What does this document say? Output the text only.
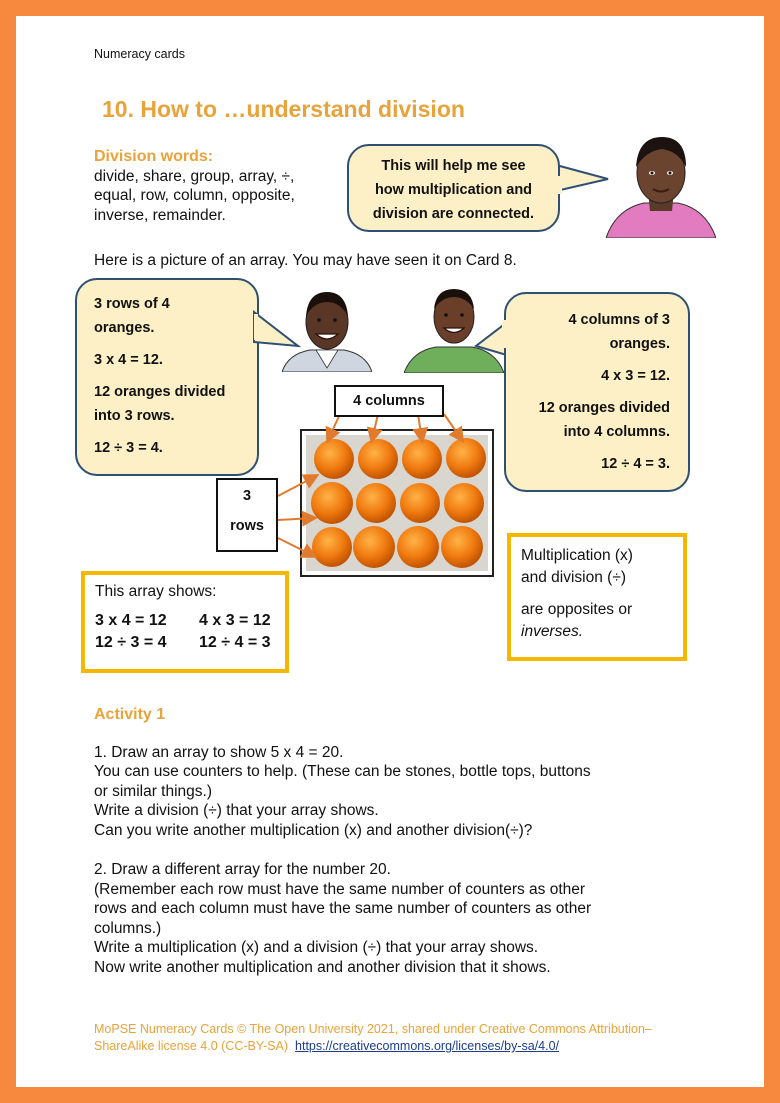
Numeracy cards
10. How to …understand division
Division words:
divide, share, group, array, ÷,
equal, row, column, opposite,
inverse, remainder.

This will help me see

how multiplication and

division are connected.

Here is a picture of an array. You may have seen it on Card 8.

3 rows of 4

oranges.

3 x 4 = 12.

12 oranges divided

into 3 rows.

12 ÷ 3 = 4.

4 columns of 3

oranges.

4 x 3 = 12.

12 oranges divided

into 4 columns.

12 ÷ 4 = 3.

4 columns
3
rows
This array shows:
3 x 4 = 12 4 x 3 = 12
12 ÷ 3 = 4 12 ÷ 4 = 3
Multiplication (x)
and division (÷)
are opposites or
inverses.
Activity 1

1. Draw an array to show 5 x 4 = 20.

You can use counters to help. (These can be stones, bottle tops, buttons

or similar things.)

Write a division (÷) that your array shows.

Can you write another multiplication (x) and another division(÷)?

2. Draw a different array for the number 20.

(Remember each row must have the same number of counters as other

rows and each column must have the same number of counters as other

columns.)

Write a multiplication (x) and a division (÷) that your array shows.

Now write another multiplication and another division that it shows.

MoPSE Numeracy Cards © The Open University 2021, shared under Creative Commons Attribution–
ShareAlike license 4.0 (CC-BY-SA) https://creativecommons.org/licenses/by-sa/4.0/
